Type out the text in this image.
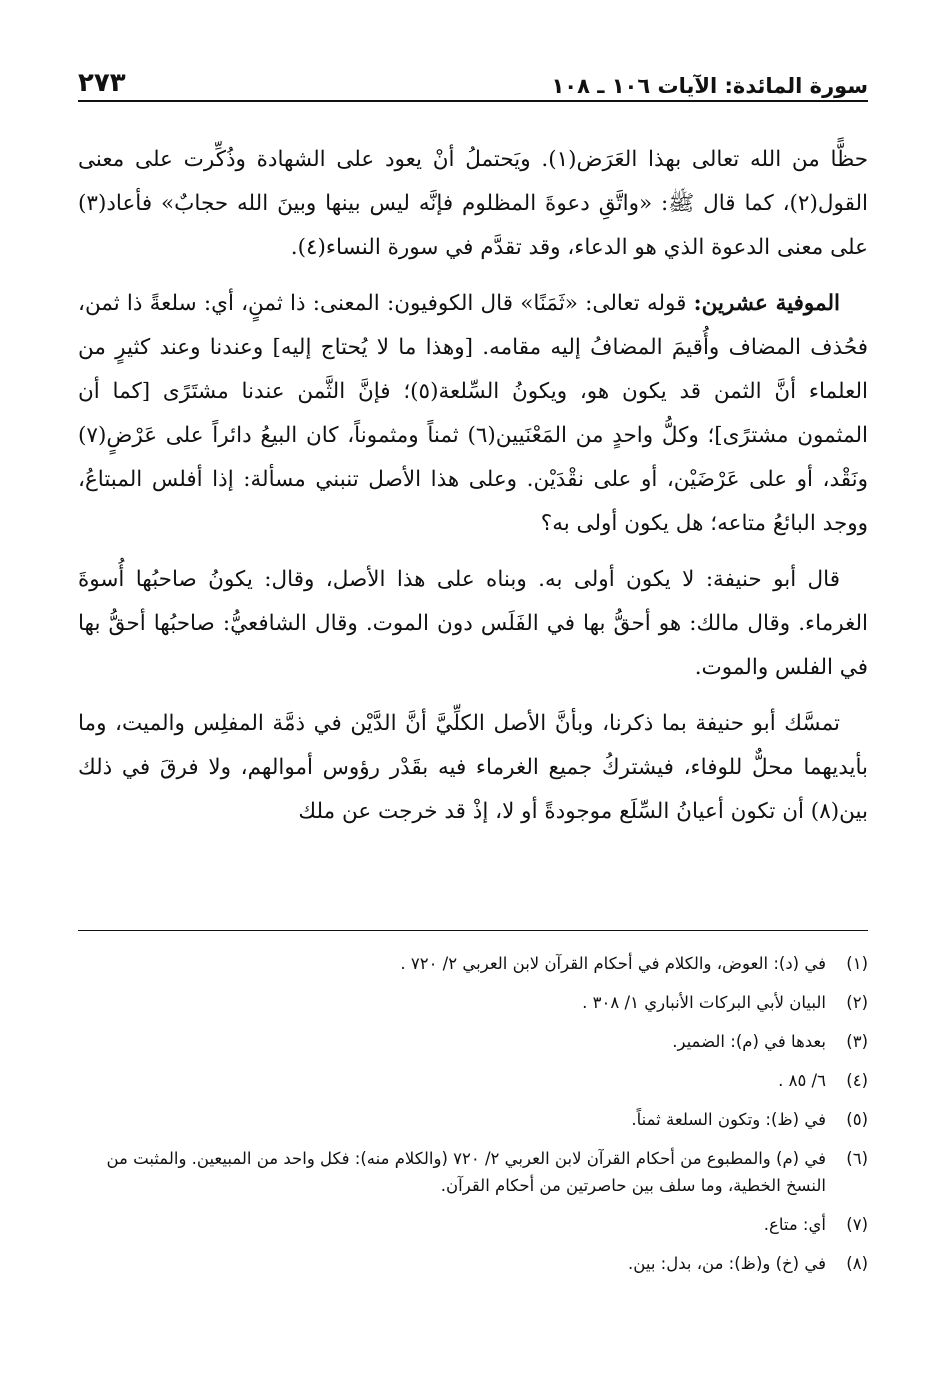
سورة المائدة: الآيات ١٠٦ ـ ١٠٨
٢٧٣

حظًّا من الله تعالى بهذا العَرَض(١). ويَحتملُ أنْ يعود على الشهادة وذُكِّرت على معنى القول(٢)، كما قال ﷺ: «واتَّقِ دعوةَ المظلوم فإنَّه ليس بينها وبينَ الله حجابٌ» فأعاد(٣) على معنى الدعوة الذي هو الدعاء، وقد تقدَّم في سورة النساء(٤).

الموفية عشرين: قوله تعالى: «ثَمَنًا» قال الكوفيون: المعنى: ذا ثمنٍ، أي: سلعةً ذا ثمن، فحُذف المضاف وأُقيمَ المضافُ إليه مقامه. [وهذا ما لا يُحتاج إليه] وعندنا وعند كثيرٍ من العلماء أنَّ الثمن قد يكون هو، ويكونُ السِّلعة(٥)؛ فإنَّ الثَّمن عندنا مشتَرًى [كما أن المثمون مشترًى]؛ وكلُّ واحدٍ من المَعْنَيين(٦) ثمناً ومثموناً، كان البيعُ دائراً على عَرْضٍ(٧) ونَقْد، أو على عَرْضَيْن، أو على نقْدَيْن. وعلى هذا الأصل تنبني مسألة: إذا أفلس المبتاعُ، ووجد البائعُ متاعه؛ هل يكون أولى به؟

قال أبو حنيفة: لا يكون أولى به. وبناه على هذا الأصل، وقال: يكونُ صاحبُها أُسوةَ الغرماء. وقال مالك: هو أحقُّ بها في الفَلَس دون الموت. وقال الشافعيُّ: صاحبُها أحقُّ بها في الفلس والموت.

تمسَّك أبو حنيفة بما ذكرنا، وبأنَّ الأصل الكلِّيَّ أنَّ الدَّيْن في ذمَّة المفلِس والميت، وما بأيديهما محلٌّ للوفاء، فيشتركُ جميع الغرماء فيه بقَدْر رؤوس أموالهم، ولا فرقَ في ذلك بين(٨) أن تكون أعيانُ السِّلَع موجودةً أو لا، إذْ قد خرجت عن ملك

(١)
في (د): العوض، والكلام في أحكام القرآن لابن العربي ٢/ ٧٢٠ .
(٢)
البيان لأبي البركات الأنباري ١/ ٣٠٨ .
(٣)
بعدها في (م): الضمير.
(٤)
٦/ ٨٥ .
(٥)
في (ظ): وتكون السلعة ثمناً.
(٦)
في (م) والمطبوع من أحكام القرآن لابن العربي ٢/ ٧٢٠ (والكلام منه): فكل واحد من المبيعين. والمثبت من النسخ الخطية، وما سلف بين حاصرتين من أحكام القرآن.
(٧)
أي: متاع.
(٨)
في (خ) و(ظ): من، بدل: بين.
